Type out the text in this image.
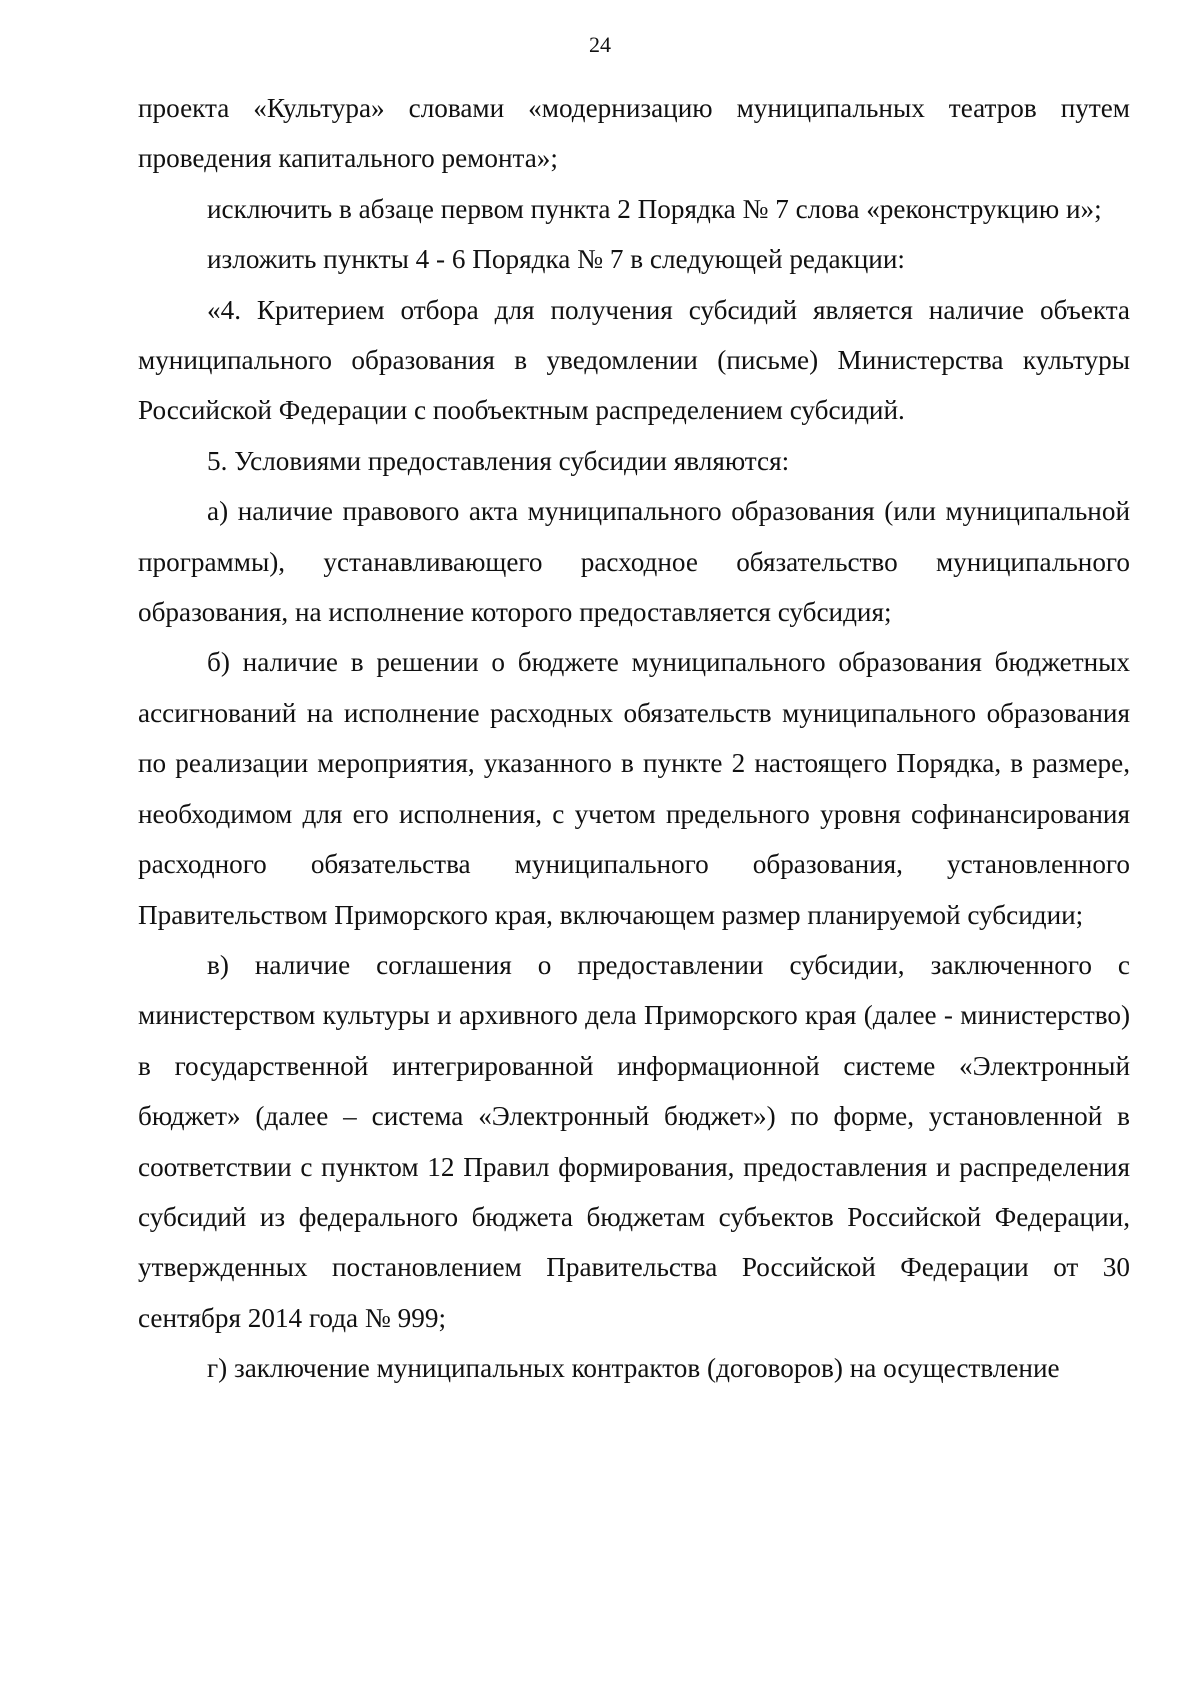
24

проекта «Культура» словами «модернизацию муниципальных театров путем проведения капитального ремонта»;

исключить в абзаце первом пункта 2 Порядка № 7 слова «реконструкцию и»;

изложить пункты 4 - 6 Порядка № 7 в следующей редакции:

«4. Критерием отбора для получения субсидий является наличие объекта муниципального образования в уведомлении (письме) Министерства культуры Российской Федерации с пообъектным распределением субсидий.

5. Условиями предоставления субсидии являются:

а) наличие правового акта муниципального образования (или муниципальной программы), устанавливающего расходное обязательство муниципального образования, на исполнение которого предоставляется субсидия;

б) наличие в решении о бюджете муниципального образования бюджетных ассигнований на исполнение расходных обязательств муниципального образования по реализации мероприятия, указанного в пункте 2 настоящего Порядка, в размере, необходимом для его исполнения, с учетом предельного уровня софинансирования расходного обязательства муниципального образования, установленного Правительством Приморского края, включающем размер планируемой субсидии;

в) наличие соглашения о предоставлении субсидии, заключенного с министерством культуры и архивного дела Приморского края (далее - министерство) в государственной интегрированной информационной системе «Электронный бюджет» (далее – система «Электронный бюджет») по форме, установленной в соответствии с пунктом 12 Правил формирования, предоставления и распределения субсидий из федерального бюджета бюджетам субъектов Российской Федерации, утвержденных постановлением Правительства Российской Федерации от 30 сентября 2014 года № 999;

г) заключение муниципальных контрактов (договоров) на осуществление
